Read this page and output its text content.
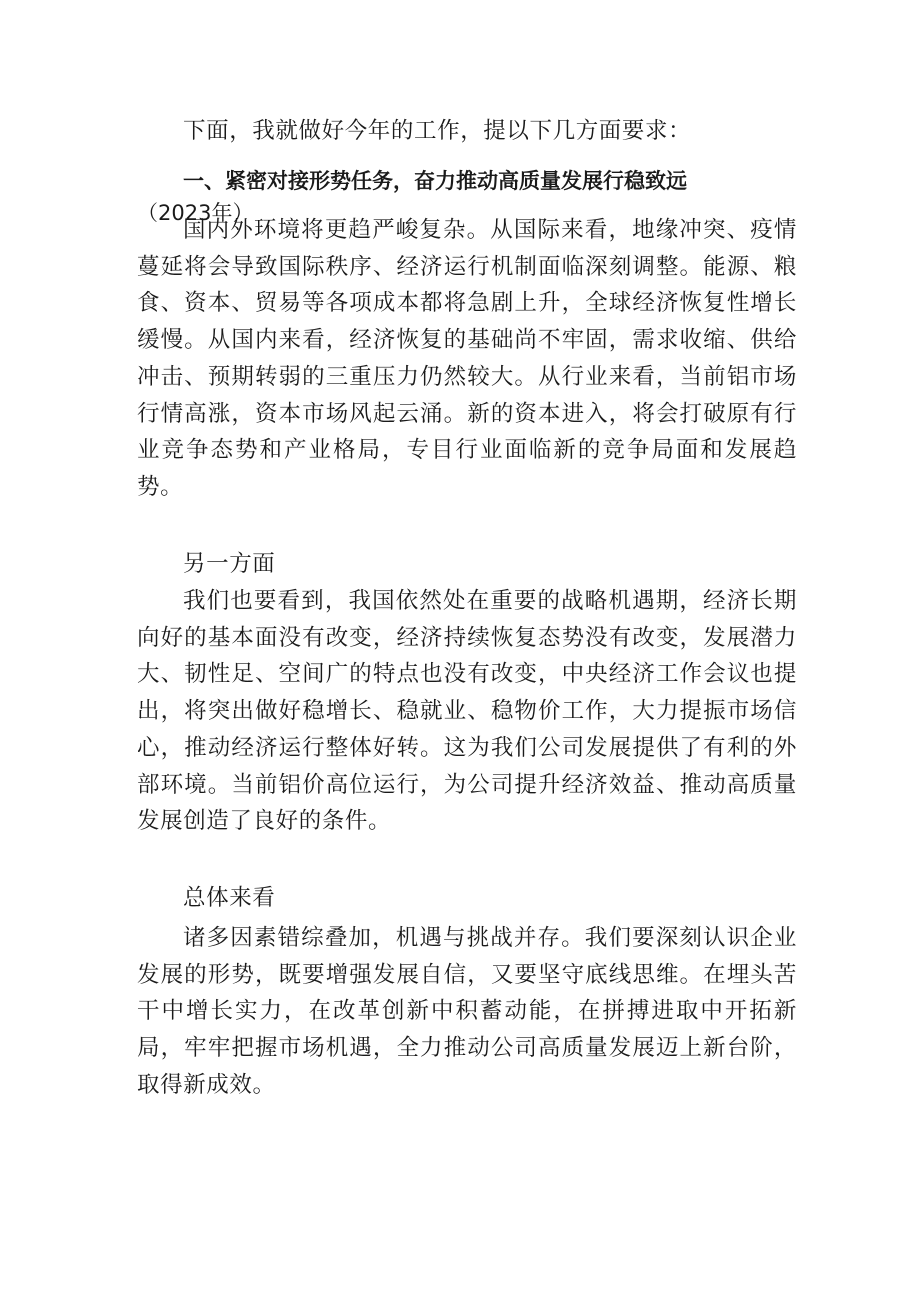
下面，我就做好今年的工作，提以下几方面要求：

一、紧密对接形势任务，奋力推动高质量发展行稳致远（2023年）

国内外环境将更趋严峻复杂。从国际来看，地缘冲突、疫情蔓延将会导致国际秩序、经济运行机制面临深刻调整。能源、粮食、资本、贸易等各项成本都将急剧上升，全球经济恢复性增长缓慢。从国内来看，经济恢复的基础尚不牢固，需求收缩、供给冲击、预期转弱的三重压力仍然较大。从行业来看，当前铝市场行情高涨，资本市场风起云涌。新的资本进入，将会打破原有行业竞争态势和产业格局，专目行业面临新的竞争局面和发展趋势。

另一方面

我们也要看到，我国依然处在重要的战略机遇期，经济长期向好的基本面没有改变，经济持续恢复态势没有改变，发展潜力大、韧性足、空间广的特点也没有改变，中央经济工作会议也提出，将突出做好稳增长、稳就业、稳物价工作，大力提振市场信心，推动经济运行整体好转。这为我们公司发展提供了有利的外部环境。当前铝价高位运行，为公司提升经济效益、推动高质量发展创造了良好的条件。

总体来看

诸多因素错综叠加，机遇与挑战并存。我们要深刻认识企业发展的形势，既要增强发展自信，又要坚守底线思维。在埋头苦干中增长实力，在改革创新中积蓄动能，在拼搏进取中开拓新局，牢牢把握市场机遇，全力推动公司高质量发展迈上新台阶，取得新成效。
